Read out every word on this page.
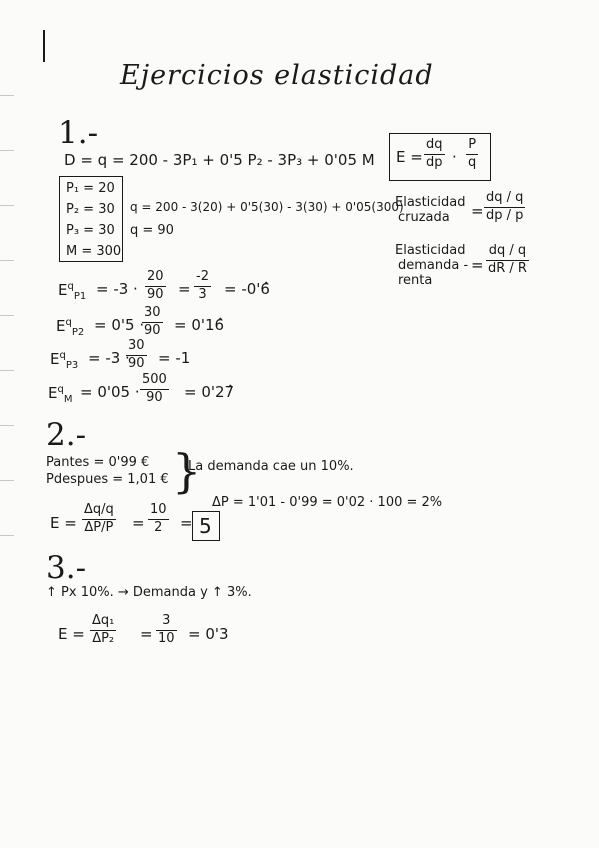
Ejercicios elasticidad
1.-
D = q = 200 - 3P₁ + 0'5 P₂ - 3P₃ + 0'05 M
P₁ = 20
P₂ = 30
P₃ = 30
M = 300
q = 200 - 3(20) + 0'5(30) - 3(30) + 0'05(300)
q = 90
$E^q_{P1} = -3$ ·
20
90 =
-2
3 = -0'6̂
$E^q_{P2} = 0'5$ ·
30
90 = 0'16̂
$E^q_{P3} = -3$ ·
30
90 = -1
$E^q_M = 0'05$ ·
500
90 = 0'27̂
E =
dq
dp ·
P
q
Elasticidad
cruzada =
dq / q
dp / p
Elasticidad
demanda -
renta
=
dq / q
dR / R
2.-
Pantes = 0'99 €
Pdespues = 1,01 € }
La demanda cae un 10%.
ΔP = 1'01 - 0'99 = 0'02 · 100 = 2%
E =
Δq/q
ΔP/P =
10
2 = 5
3.-
↑ Px 10%. → Demanda y ↑ 3%.
E =
Δq₁
ΔP₂ =
3
10 = 0'3
